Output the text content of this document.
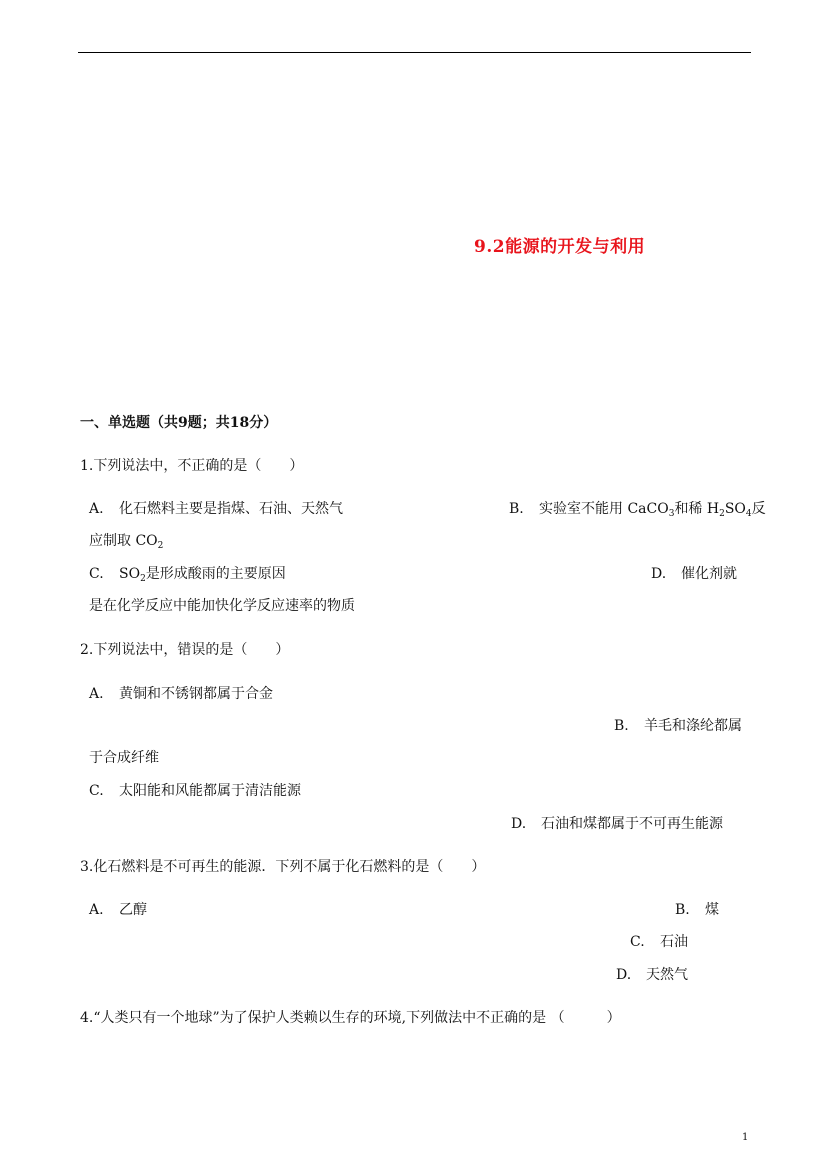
9.2能源的开发与利用
一、单选题（共9题；共18分）
1.下列说法中，不正确的是（　　）
A. 化石燃料主要是指煤、石油、天然气	B. 实验室不能用 CaCO$_3$和稀 $H_2SO_4$反
应制取 $CO_2$
C. $SO_2$是形成酸雨的主要原因	D. 催化剂就
是在化学反应中能加快化学反应速率的物质
2.下列说法中，错误的是（　　）
A. 黄铜和不锈钢都属于合金
B. 羊毛和涤纶都属
于合成纤维
C. 太阳能和风能都属于清洁能源
D. 石油和煤都属于不可再生能源
3.化石燃料是不可再生的能源．下列不属于化石燃料的是（　　）
A. 乙醇	B. 煤
C. 石油
D. 天然气
4.“人类只有一个地球”为了保护人类赖以生存的环境,下列做法中不正确的是 （　　　）
1
